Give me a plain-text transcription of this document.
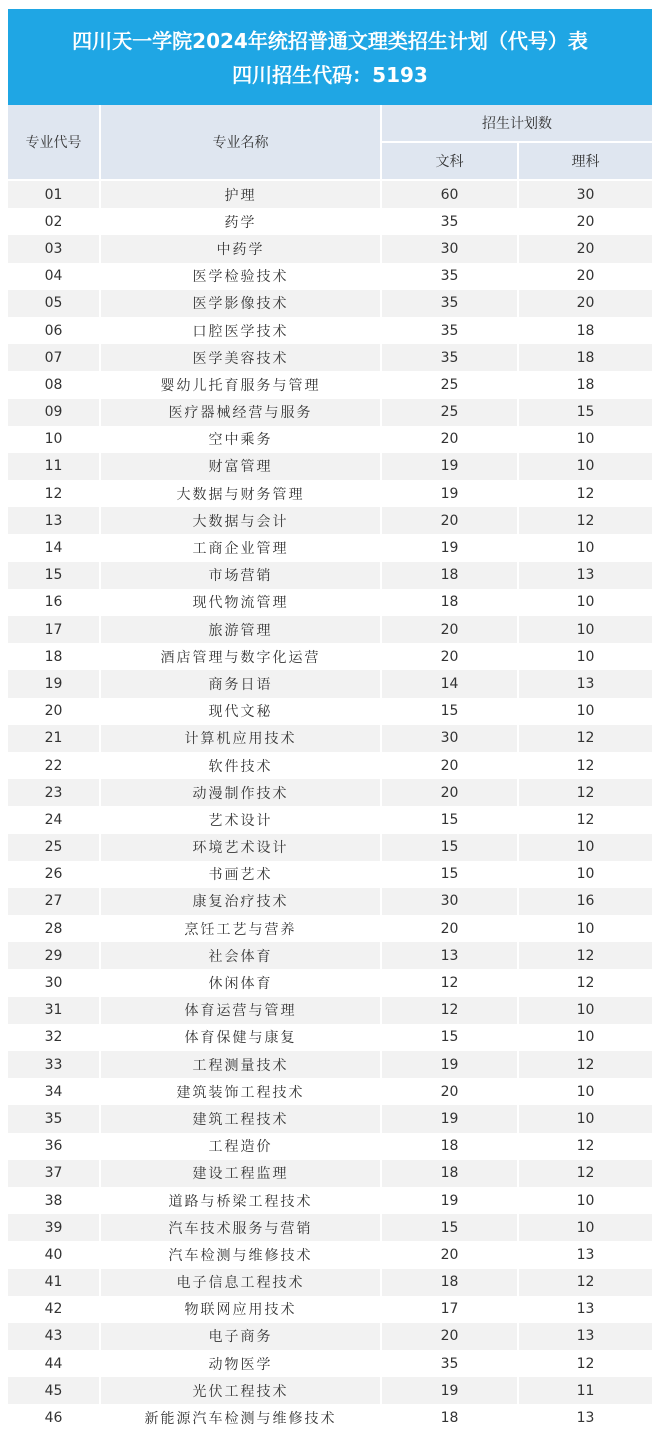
四川天一学院2024年统招普通文理类招生计划（代号）表
四川招生代码：5193
专业代号	专业名称	招生计划数	
		文科	理科
01	护理	60	30
02	药学	35	20
03	中药学	30	20
04	医学检验技术	35	20
05	医学影像技术	35	20
06	口腔医学技术	35	18
07	医学美容技术	35	18
08	婴幼儿托育服务与管理	25	18
09	医疗器械经营与服务	25	15
10	空中乘务	20	10
11	财富管理	19	10
12	大数据与财务管理	19	12
13	大数据与会计	20	12
14	工商企业管理	19	10
15	市场营销	18	13
16	现代物流管理	18	10
17	旅游管理	20	10
18	酒店管理与数字化运营	20	10
19	商务日语	14	13
20	现代文秘	15	10
21	计算机应用技术	30	12
22	软件技术	20	12
23	动漫制作技术	20	12
24	艺术设计	15	12
25	环境艺术设计	15	10
26	书画艺术	15	10
27	康复治疗技术	30	16
28	烹饪工艺与营养	20	10
29	社会体育	13	12
30	休闲体育	12	12
31	体育运营与管理	12	10
32	体育保健与康复	15	10
33	工程测量技术	19	12
34	建筑装饰工程技术	20	10
35	建筑工程技术	19	10
36	工程造价	18	12
37	建设工程监理	18	12
38	道路与桥梁工程技术	19	10
39	汽车技术服务与营销	15	10
40	汽车检测与维修技术	20	13
41	电子信息工程技术	18	12
42	物联网应用技术	17	13
43	电子商务	20	13
44	动物医学	35	12
45	光伏工程技术	19	11
46	新能源汽车检测与维修技术	18	13
